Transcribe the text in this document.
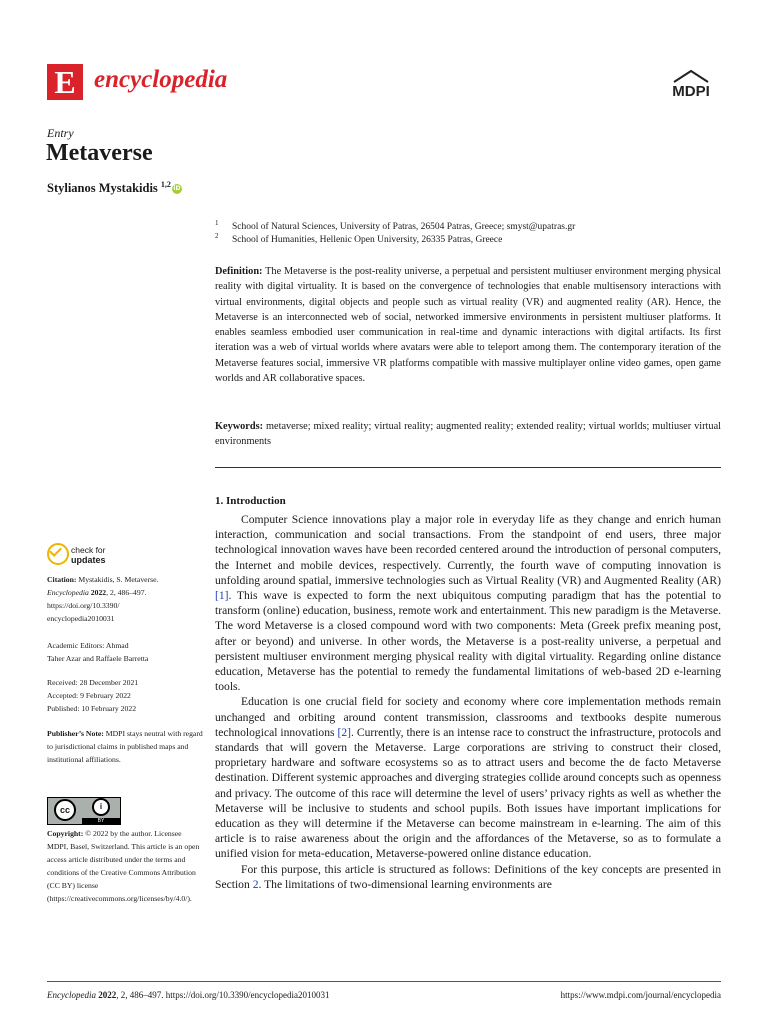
E encyclopedia	MDPI
Entry
Metaverse
Stylianos Mystakidis $^{1,2}$ iD
1 School of Natural Sciences, University of Patras, 26504 Patras, Greece; smyst@upatras.gr
2 School of Humanities, Hellenic Open University, 26335 Patras, Greece
Definition: The Metaverse is the post-reality universe, a perpetual and persistent multiuser environment merging physical reality with digital virtuality. It is based on the convergence of technologies that enable multisensory interactions with virtual environments, digital objects and people such as virtual reality (VR) and augmented reality (AR). Hence, the Metaverse is an interconnected web of social, networked immersive environments in persistent multiuser platforms. It enables seamless embodied user communication in real-time and dynamic interactions with digital artifacts. Its first iteration was a web of virtual worlds where avatars were able to teleport among them. The contemporary iteration of the Metaverse features social, immersive VR platforms compatible with massive multiplayer online video games, open game worlds and AR collaborative spaces.
Keywords: metaverse; mixed reality; virtual reality; augmented reality; extended reality; virtual worlds; multiuser virtual environments
1. Introduction

Computer Science innovations play a major role in everyday life as they change and enrich human interaction, communication and social transactions. From the standpoint of end users, three major technological innovation waves have been recorded centered around the introduction of personal computers, the Internet and mobile devices, respectively. Currently, the fourth wave of computing innovation is unfolding around spatial, immersive technologies such as Virtual Reality (VR) and Augmented Reality (AR) [1]. This wave is expected to form the next ubiquitous computing paradigm that has the potential to transform (online) education, business, remote work and entertainment. This new paradigm is the Metaverse. The word Metaverse is a closed compound word with two components: Meta (Greek prefix meaning post, after or beyond) and universe. In other words, the Metaverse is a post-reality universe, a perpetual and persistent multiuser environment merging physical reality with digital virtuality. Regarding online distance education, Metaverse has the potential to remedy the fundamental limitations of web-based 2D e-learning tools.

Education is one crucial field for society and economy where core implementation methods remain unchanged and orbiting around content transmission, classrooms and textbooks despite numerous technological innovations [2]. Currently, there is an intense race to construct the infrastructure, protocols and standards that will govern the Metaverse. Large corporations are striving to construct their closed, proprietary hardware and software ecosystems so as to attract users and become the de facto Metaverse destination. Different systemic approaches and diverging strategies collide around concepts such as openness and privacy. The outcome of this race will determine the level of users’ privacy rights as well as whether the Metaverse will be inclusive to students and school pupils. Both issues have important implications for education as they will determine if the Metaverse can become mainstream in e-learning. The aim of this article is to raise awareness about the origin and the affordances of the Metaverse, so as to formulate a unified vision for meta-education, Metaverse-powered online distance education.

For this purpose, this article is structured as follows: Definitions of the key concepts are presented in Section 2. The limitations of two-dimensional learning environments are

check for
updates
Citation: Mystakidis, S. Metaverse.
Encyclopedia 2022, 2, 486–497.
https://doi.org/10.3390/
encyclopedia2010031
Academic Editors: Ahmad
Taher Azar and Raffaele Barretta
Received: 28 December 2021
Accepted: 9 February 2022
Published: 10 February 2022
Publisher’s Note: MDPI stays neutral with regard to jurisdictional claims in published maps and institutional affiliations.
cc	i
BY
Copyright: © 2022 by the author. Licensee MDPI, Basel, Switzerland. This article is an open access article distributed under the terms and conditions of the Creative Commons Attribution (CC BY) license (https://creativecommons.org/licenses/by/4.0/).
Encyclopedia 2022, 2, 486–497. https://doi.org/10.3390/encyclopedia2010031	https://www.mdpi.com/journal/encyclopedia
